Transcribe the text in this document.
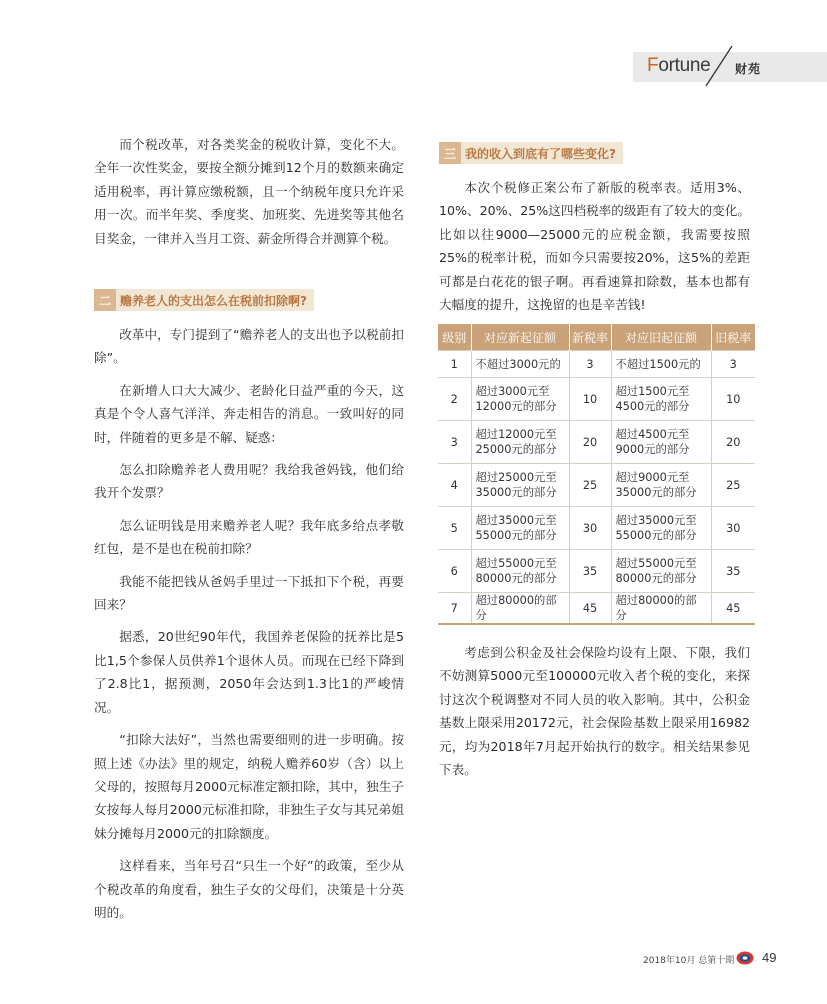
Fortune 财苑

而个税改革，对各类奖金的税收计算，变化不大。全年一次性奖金，要按全额分摊到12个月的数额来确定适用税率，再计算应缴税额，且一个纳税年度只允许采用一次。而半年奖、季度奖、加班奖、先进奖等其他名目奖金，一律并入当月工资、薪金所得合并测算个税。

二 赡养老人的支出怎么在税前扣除啊?

改革中，专门提到了“赡养老人的支出也予以税前扣除”。

在新增人口大大减少、老龄化日益严重的今天，这真是个令人喜气洋洋、奔走相告的消息。一致叫好的同时，伴随着的更多是不解、疑惑：

怎么扣除赡养老人费用呢？我给我爸妈钱，他们给我开个发票？

怎么证明钱是用来赡养老人呢？我年底多给点孝敬红包，是不是也在税前扣除？

我能不能把钱从爸妈手里过一下抵扣下个税，再要回来？

据悉，20世纪90年代，我国养老保险的抚养比是5比1,5个参保人员供养1个退休人员。而现在已经下降到了2.8比1，据预测，2050年会达到1.3比1的严峻情况。

“扣除大法好”，当然也需要细则的进一步明确。按照上述《办法》里的规定，纳税人赡养60岁（含）以上父母的，按照每月2000元标准定额扣除，其中，独生子女按每人每月2000元标准扣除，非独生子女与其兄弟姐妹分摊每月2000元的扣除额度。

这样看来，当年号召“只生一个好”的政策，至少从个税改革的角度看，独生子女的父母们，决策是十分英明的。

三 我的收入到底有了哪些变化?

本次个税修正案公布了新版的税率表。适用3%、10%、20%、25%这四档税率的级距有了较大的变化。比如以往9000—25000元的应税金额，我需要按照25%的税率计税，而如今只需要按20%，这5%的差距可都是白花花的银子啊。再看速算扣除数，基本也都有大幅度的提升，这挽留的也是辛苦钱!

级别	对应新起征额	新税率	对应旧起征额	旧税率
1	不超过3000元的	3	不超过1500元的	3
2	超过3000元至12000元的部分	10	超过1500元至4500元的部分	10
3	超过12000元至25000元的部分	20	超过4500元至9000元的部分	20
4	超过25000元至35000元的部分	25	超过9000元至35000元的部分	25
5	超过35000元至55000元的部分	30	超过35000元至55000元的部分	30
6	超过55000元至80000元的部分	35	超过55000元至80000元的部分	35
7	超过80000的部分	45	超过80000的部分	45

考虑到公积金及社会保险均设有上限、下限，我们不妨测算5000元至100000元收入者个税的变化，来探讨这次个税调整对不同人员的收入影响。其中，公积金基数上限采用20172元，社会保险基数上限采用16982元，均为2018年7月起开始执行的数字。相关结果参见下表。

2018年10月 总第十期 49
